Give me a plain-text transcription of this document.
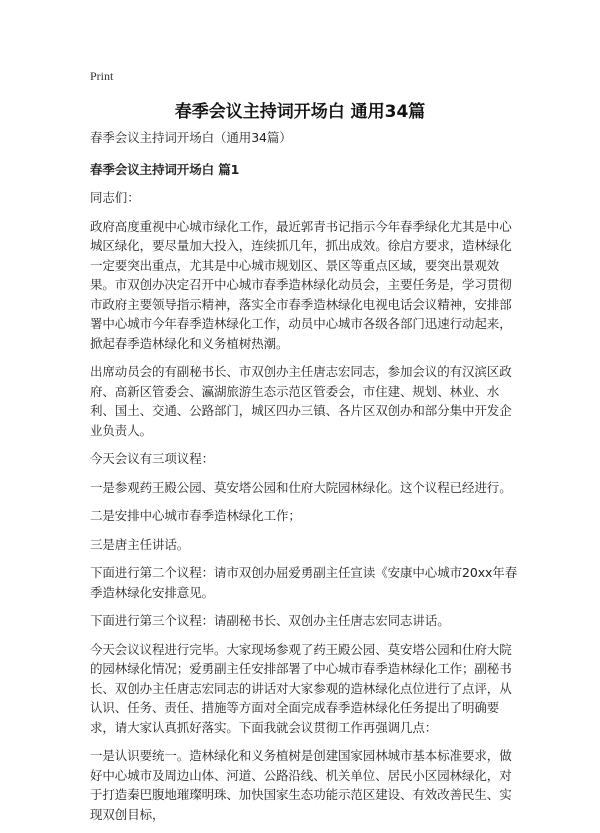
Print
春季会议主持词开场白 通用34篇

春季会议主持词开场白（通用34篇）

春季会议主持词开场白 篇1

同志们：

政府高度重视中心城市绿化工作，最近郭青书记指示今年春季绿化尤其是中心城区绿化，要尽量加大投入，连续抓几年，抓出成效。徐启方要求，造林绿化一定要突出重点，尤其是中心城市规划区、景区等重点区域，要突出景观效果。市双创办决定召开中心城市春季造林绿化动员会，主要任务是，学习贯彻市政府主要领导指示精神，落实全市春季造林绿化电视电话会议精神，安排部署中心城市今年春季造林绿化工作，动员中心城市各级各部门迅速行动起来，掀起春季造林绿化和义务植树热潮。

出席动员会的有副秘书长、市双创办主任唐志宏同志，参加会议的有汉滨区政府、高新区管委会、瀛湖旅游生态示范区管委会，市住建、规划、林业、水利、国土、交通、公路部门，城区四办三镇、各片区双创办和部分集中开发企业负责人。

今天会议有三项议程：

一是参观药王殿公园、莫安塔公园和仕府大院园林绿化。这个议程已经进行。

二是安排中心城市春季造林绿化工作；

三是唐主任讲话。

下面进行第二个议程：请市双创办屈爱勇副主任宣读《安康中心城市20xx年春季造林绿化安排意见。

下面进行第三个议程：请副秘书长、双创办主任唐志宏同志讲话。

今天会议议程进行完毕。大家现场参观了药王殿公园、莫安塔公园和仕府大院的园林绿化情况；爱勇副主任安排部署了中心城市春季造林绿化工作；副秘书长、双创办主任唐志宏同志的讲话对大家参观的造林绿化点位进行了点评，从认识、任务、责任、措施等方面对全面完成春季造林绿化任务提出了明确要求，请大家认真抓好落实。下面我就会议贯彻工作再强调几点：

一是认识要统一。造林绿化和义务植树是创建国家园林城市基本标准要求，做好中心城市及周边山体、河道、公路沿线、机关单位、居民小区园林绿化，对于打造秦巴腹地璀璨明珠、加快国家生态功能示范区建设、有效改善民生、实现双创目标，
